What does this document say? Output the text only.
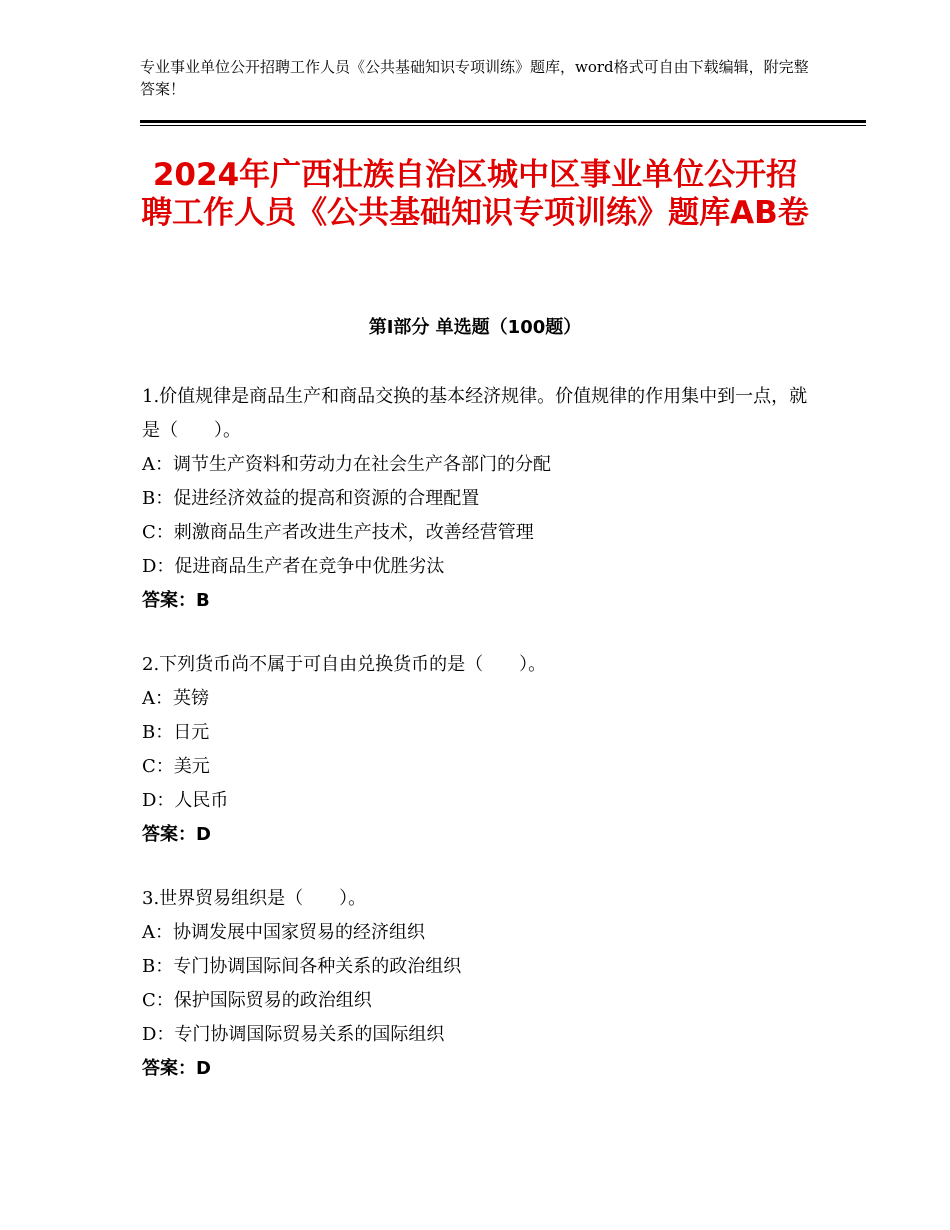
专业事业单位公开招聘工作人员《公共基础知识专项训练》题库，word格式可自由下载编辑，附完整答案！
2024年广西壮族自治区城中区事业单位公开招聘工作人员《公共基础知识专项训练》题库AB卷
第Ⅰ部分 单选题（100题）

1.价值规律是商品生产和商品交换的基本经济规律。价值规律的作用集中到一点，就是（　　）。

A：调节生产资料和劳动力在社会生产各部门的分配

B：促进经济效益的提高和资源的合理配置

C：刺激商品生产者改进生产技术，改善经营管理

D：促进商品生产者在竞争中优胜劣汰

答案：B

2.下列货币尚不属于可自由兑换货币的是（　　）。

A：英镑

B：日元

C：美元

D：人民币

答案：D

3.世界贸易组织是（　　）。

A：协调发展中国家贸易的经济组织

B：专门协调国际间各种关系的政治组织

C：保护国际贸易的政治组织

D：专门协调国际贸易关系的国际组织

答案：D
